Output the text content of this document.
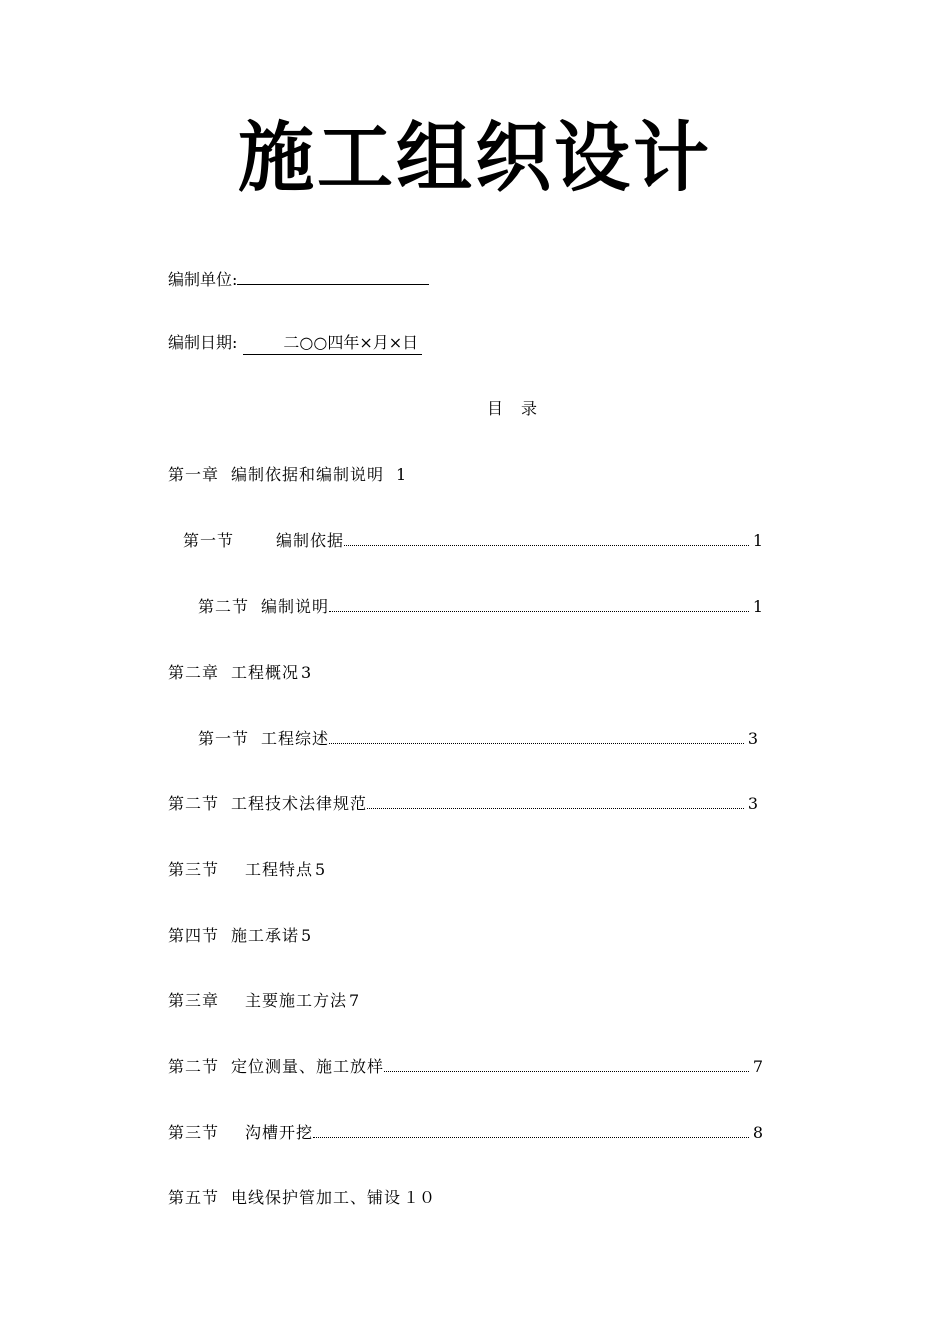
施工组织设计
编制单位:
编制日期:	二○○四年×月×日
目录
第一章 编制依据和编制说明 1
第一节	编制依据	1
第二节 编制说明	1
第二章 工程概况 3
第一节 工程综述	3
第二节 工程技术法律规范	3
第三节 工程特点 5
第四节 施工承诺 5
第三章 主要施工方法 7
第二节 定位测量、施工放样	7
第三节 沟槽开挖	8
第五节 电线保护管加工、铺设 １０
